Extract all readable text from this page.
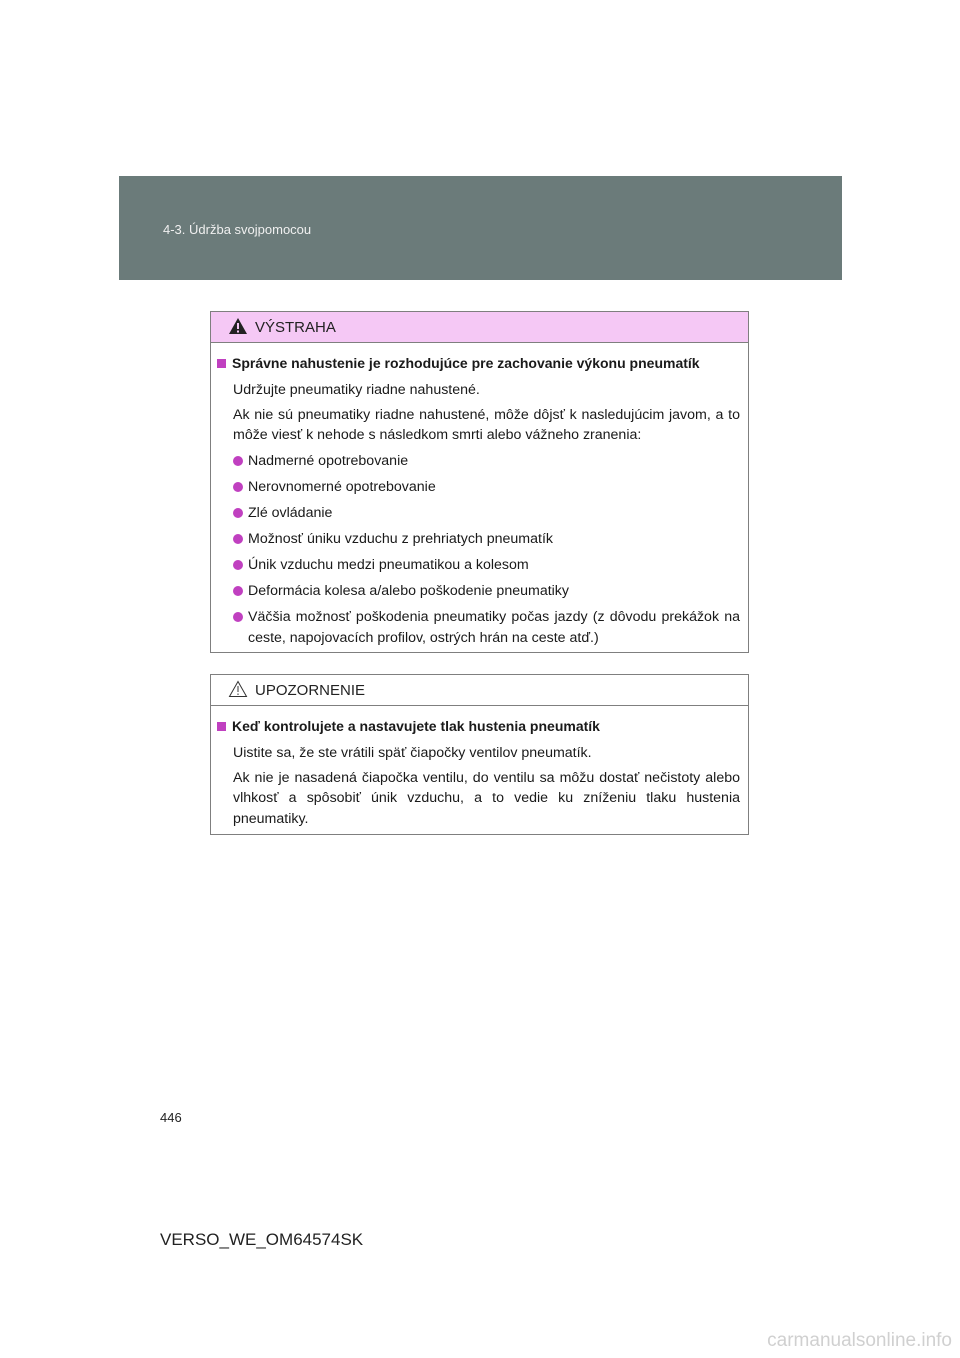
4-3. Údržba svojpomocou
VÝSTRAHA
Správne nahustenie je rozhodujúce pre zachovanie výkonu pneumatík

Udržujte pneumatiky riadne nahustené.

Ak nie sú pneumatiky riadne nahustené, môže dôjsť k nasledujúcim javom, a to môže viesť k nehode s následkom smrti alebo vážneho zranenia:

Nadmerné opotrebovanie
Nerovnomerné opotrebovanie
Zlé ovládanie
Možnosť úniku vzduchu z prehriatych pneumatík
Únik vzduchu medzi pneumatikou a kolesom
Deformácia kolesa a/alebo poškodenie pneumatiky
Väčšia možnosť poškodenia pneumatiky počas jazdy (z dôvodu prekážok na ceste, napojovacích profilov, ostrých hrán na ceste atď.)
UPOZORNENIE
Keď kontrolujete a nastavujete tlak hustenia pneumatík

Uistite sa, že ste vrátili späť čiapočky ventilov pneumatík.

Ak nie je nasadená čiapočka ventilu, do ventilu sa môžu dostať nečistoty alebo vlhkosť a spôsobiť únik vzduchu, a to vedie ku zníženiu tlaku hustenia pneumatiky.

446
VERSO_WE_OM64574SK
carmanualsonline.info
